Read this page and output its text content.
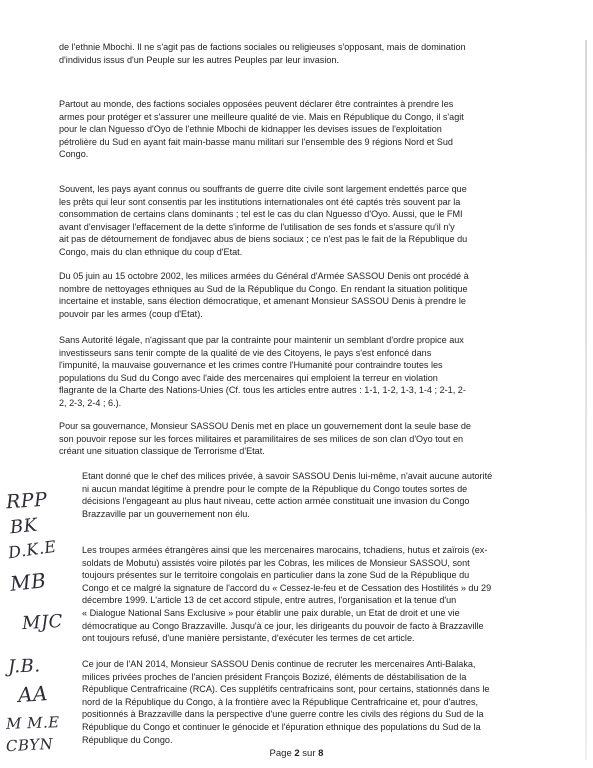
de l'ethnie Mbochi. Il ne s'agit pas de factions sociales ou religieuses s'opposant, mais de domination
d'individus issus d'un Peuple sur les autres Peuples par leur invasion.

Partout au monde, des factions sociales opposées peuvent déclarer être contraintes à prendre les
armes pour protéger et s'assurer une meilleure qualité de vie. Mais en République du Congo, il s'agit
pour le clan Nguesso d'Oyo de l'ethnie Mbochi de kidnapper les devises issues de l'exploitation
pétrolière du Sud en ayant fait main-basse manu militari sur l'ensemble des 9 régions Nord et Sud
Congo.

Souvent, les pays ayant connus ou souffrants de guerre dite civile sont largement endettés parce que
les prêts qui leur sont consentis par les institutions internationales ont été captés très souvent par la
consommation de certains clans dominants ; tel est le cas du clan Nguesso d'Oyo. Aussi, que le FMI
avant d'envisager l'effacement de la dette s'informe de l'utilisation de ses fonds et s'assure qu'il n'y
ait pas de détournement de fondjavec abus de biens sociaux ; ce n'est pas le fait de la République du
Congo, mais du clan ethnique du coup d'Etat.

Du 05 juin au 15 octobre 2002, les milices armées du Général d'Armée SASSOU Denis ont procédé à
nombre de nettoyages ethniques au Sud de la République du Congo. En rendant la situation politique
incertaine et instable, sans élection démocratique, et amenant Monsieur SASSOU Denis à prendre le
pouvoir par les armes (coup d'Etat).

Sans Autorité légale, n'agissant que par la contrainte pour maintenir un semblant d'ordre propice aux
investisseurs sans tenir compte de la qualité de vie des Citoyens, le pays s'est enfoncé dans
l'impunité, la mauvaise gouvernance et les crimes contre l'Humanité pour contraindre toutes les
populations du Sud du Congo avec l'aide des mercenaires qui emploient la terreur en violation
flagrante de la Charte des Nations-Unies (Cf. tous les articles entre autres : 1-1, 1-2, 1-3, 1-4 ; 2-1, 2-
2, 2-3, 2-4 ; 6.).

Pour sa gouvernance, Monsieur SASSOU Denis met en place un gouvernement dont la seule base de
son pouvoir repose sur les forces militaires et paramilitaires de ses milices de son clan d'Oyo tout en
créant une situation classique de Terrorisme d'Etat.

Etant donné que le chef des milices privée, à savoir SASSOU Denis lui-même, n'avait aucune autorité
ni aucun mandat légitime à prendre pour le compte de la République du Congo toutes sortes de
décisions l'engageant au plus haut niveau, cette action armée constituait une invasion du Congo
Brazzaville par un gouvernement non élu.

Les troupes armées étrangères ainsi que les mercenaires marocains, tchadiens, hutus et zaïrois (ex-
soldats de Mobutu) assistés voire pilotés par les Cobras, les milices de Monsieur SASSOU, sont
toujours présentes sur le territoire congolais en particulier dans la zone Sud de la République du
Congo et ce malgré la signature de l'accord du « Cessez-le-feu et de Cessation des Hostilités » du 29
décembre 1999. L'article 13 de cet accord stipule, entre autres, l'organisation et la tenue d'un
« Dialogue National Sans Exclusive » pour établir une paix durable, un Etat de droit et une vie
démocratique au Congo Brazzaville. Jusqu'à ce jour, les dirigeants du pouvoir de facto à Brazzaville
ont toujours refusé, d'une manière persistante, d'exécuter les termes de cet article.

Ce jour de l'AN 2014, Monsieur SASSOU Denis continue de recruter les mercenaires Anti-Balaka,
milices privées proches de l'ancien président François Bozizé, éléments de déstabilisation de la
République Centrafricaine (RCA). Ces supplétifs centrafricains sont, pour certains, stationnés dans le
nord de la République du Congo, à la frontière avec la République Centrafricaine et, pour d'autres,
positionnés à Brazzaville dans la perspective d'une guerre contre les civils des régions du Sud de la
République du Congo et continuer le génocide et l'épuration ethnique des populations du Sud de la
République du Congo.

RPP
BK
D.K.E
MB
MJC
J.B.
AA
M M.E
CBYN	Page 2 sur 8
